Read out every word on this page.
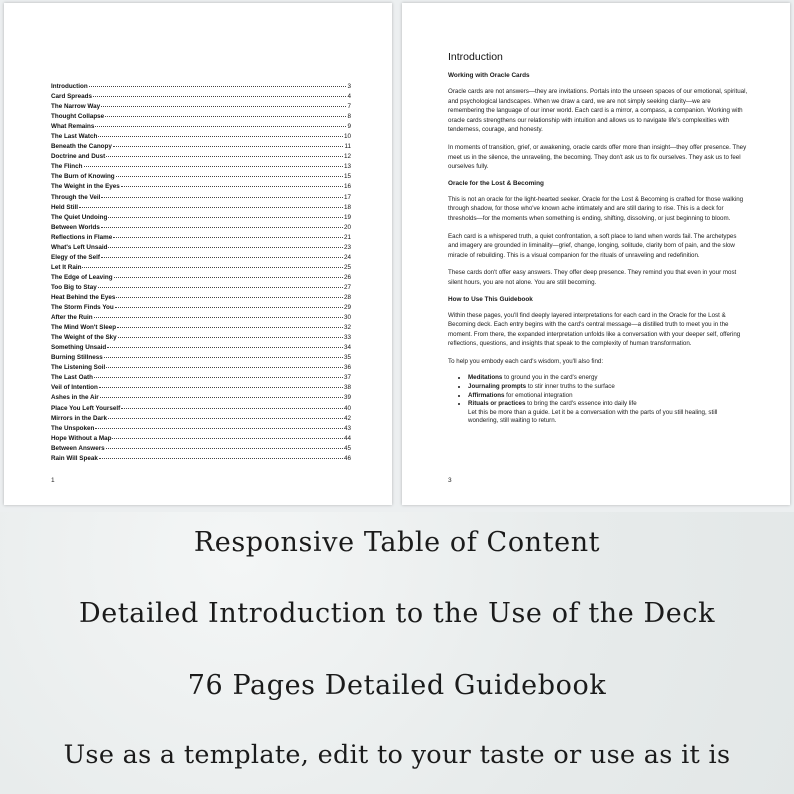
Introduction	3
Card Spreads	4
The Narrow Way	7
Thought Collapse	8
What Remains	9
The Last Watch	10
Beneath the Canopy	11
Doctrine and Dust	12
The Flinch	13
The Burn of Knowing	15
The Weight in the Eyes	16
Through the Veil	17
Held Still	18
The Quiet Undoing	19
Between Worlds	20
Reflections in Flame	21
What's Left Unsaid	23
Elegy of the Self	24
Let It Rain	25
The Edge of Leaving	26
Too Big to Stay	27
Heat Behind the Eyes	28
The Storm Finds You	29
After the Ruin	30
The Mind Won't Sleep	32
The Weight of the Sky	33
Something Unsaid	34
Burning Stillness	35
The Listening Soil	36
The Last Oath	37
Veil of Intention	38
Ashes in the Air	39
Place You Left Yourself	40
Mirrors in the Dark	42
The Unspoken	43
Hope Without a Map	44
Between Answers	45
Rain Will Speak	46
1
Introduction
Working with Oracle Cards

Oracle cards are not answers—they are invitations. Portals into the unseen spaces of our emotional, spiritual, and psychological landscapes. When we draw a card, we are not simply seeking clarity—we are remembering the language of our inner world. Each card is a mirror, a compass, a companion. Working with oracle cards strengthens our relationship with intuition and allows us to navigate life's complexities with tenderness, courage, and honesty.

In moments of transition, grief, or awakening, oracle cards offer more than insight—they offer presence. They meet us in the silence, the unraveling, the becoming. They don't ask us to fix ourselves. They ask us to feel ourselves fully.

Oracle for the Lost & Becoming

This is not an oracle for the light-hearted seeker. Oracle for the Lost & Becoming is crafted for those walking through shadow, for those who've known ache intimately and are still daring to rise. This is a deck for thresholds—for the moments when something is ending, shifting, dissolving, or just beginning to bloom.

Each card is a whispered truth, a quiet confrontation, a soft place to land when words fail. The archetypes and imagery are grounded in liminality—grief, change, longing, solitude, clarity born of pain, and the slow miracle of rebuilding. This is a visual companion for the rituals of unraveling and redefinition.

These cards don't offer easy answers. They offer deep presence. They remind you that even in your most silent hours, you are not alone. You are still becoming.

How to Use This Guidebook

Within these pages, you'll find deeply layered interpretations for each card in the Oracle for the Lost & Becoming deck. Each entry begins with the card's central message—a distilled truth to meet you in the moment. From there, the expanded interpretation unfolds like a conversation with your deeper self, offering reflections, questions, and insights that speak to the complexity of human transformation.

To help you embody each card's wisdom, you'll also find:

• Meditations to ground you in the card's energy
• Journaling prompts to stir inner truths to the surface
• Affirmations for emotional integration
• Rituals or practices to bring the card's essence into daily life
Let this be more than a guide. Let it be a conversation with the parts of you still healing, still wondering, still waiting to return.
3
Responsive Table of Content
Detailed Introduction to the Use of the Deck
76 Pages Detailed Guidebook
Use as a template, edit to your taste or use as it is
